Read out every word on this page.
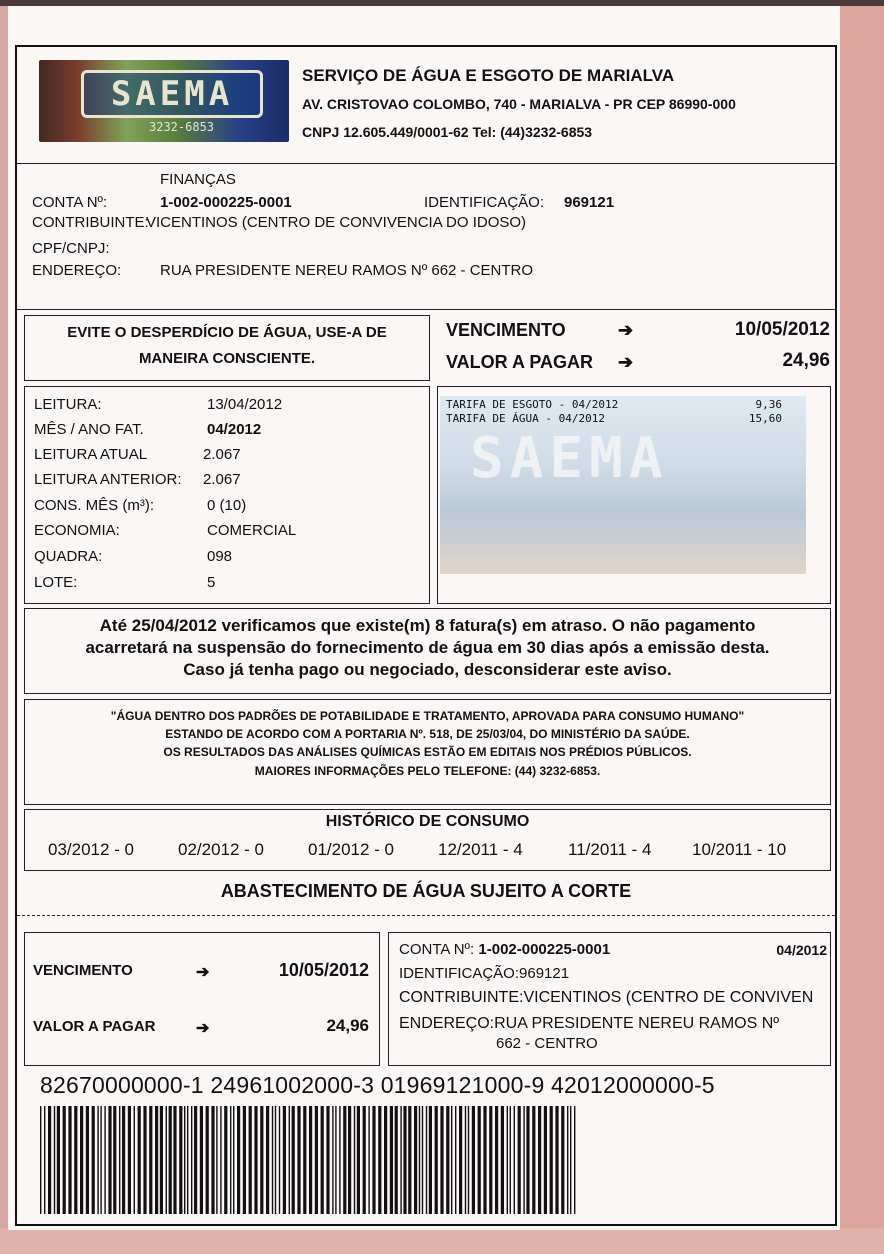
SAEMA
3232-6853
SERVIÇO DE ÁGUA E ESGOTO DE MARIALVA
AV. CRISTOVAO COLOMBO, 740 - MARIALVA - PR CEP 86990-000
CNPJ 12.605.449/0001-62 Tel: (44)3232-6853
FINANÇAS
CONTA Nº:	1-002-000225-0001	IDENTIFICAÇÃO: 969121
CONTRIBUINTE:
VICENTINOS (CENTRO DE CONVIVENCIA DO IDOSO)
CPF/CNPJ:
ENDEREÇO:	RUA PRESIDENTE NEREU RAMOS Nº 662 - CENTRO
EVITE O DESPERDÍCIO DE ÁGUA, USE-A DE
MANEIRA CONSCIENTE.
VENCIMENTO	➔	10/05/2012
VALOR A PAGAR ➔	24,96
LEITURA:	13/04/2012
MÊS / ANO FAT.	04/2012
LEITURA ATUAL	2.067
LEITURA ANTERIOR: 2.067
CONS. MÊS (m³):	0 (10)
ECONOMIA:	COMERCIAL
QUADRA:	098
LOTE:	5
SAEMA
TARIFA DE ESGOTO - 04/2012	9,36
TARIFA DE ÁGUA - 04/2012	15,60
Até 25/04/2012 verificamos que existe(m) 8 fatura(s) em atraso. O não pagamento
acarretará na suspensão do fornecimento de água em 30 dias após a emissão desta.
Caso já tenha pago ou negociado, desconsiderar este aviso.
"ÁGUA DENTRO DOS PADRÕES DE POTABILIDADE E TRATAMENTO, APROVADA PARA CONSUMO HUMANO"
ESTANDO DE ACORDO COM A PORTARIA Nº. 518, DE 25/03/04, DO MINISTÉRIO DA SAÚDE.
OS RESULTADOS DAS ANÁLISES QUÍMICAS ESTÃO EM EDITAIS NOS PRÉDIOS PÚBLICOS.
MAIORES INFORMAÇÕES PELO TELEFONE: (44) 3232-6853.
HISTÓRICO DE CONSUMO
03/2012 - 0	02/2012 - 0	01/2012 - 0	12/2011 - 4	11/2011 - 4 10/2011 - 10
ABASTECIMENTO DE ÁGUA SUJEITO A CORTE
VENCIMENTO	➔	10/05/2012
VALOR A PAGAR	➔	24,96
CONTA Nº: 1-002-000225-0001	04/2012
IDENTIFICAÇÃO:969121
CONTRIBUINTE:VICENTINOS (CENTRO DE CONVIVEN
ENDEREÇO:RUA PRESIDENTE NEREU RAMOS Nº
662 - CENTRO
82670000000-1 24961002000-3 01969121000-9 42012000000-5
